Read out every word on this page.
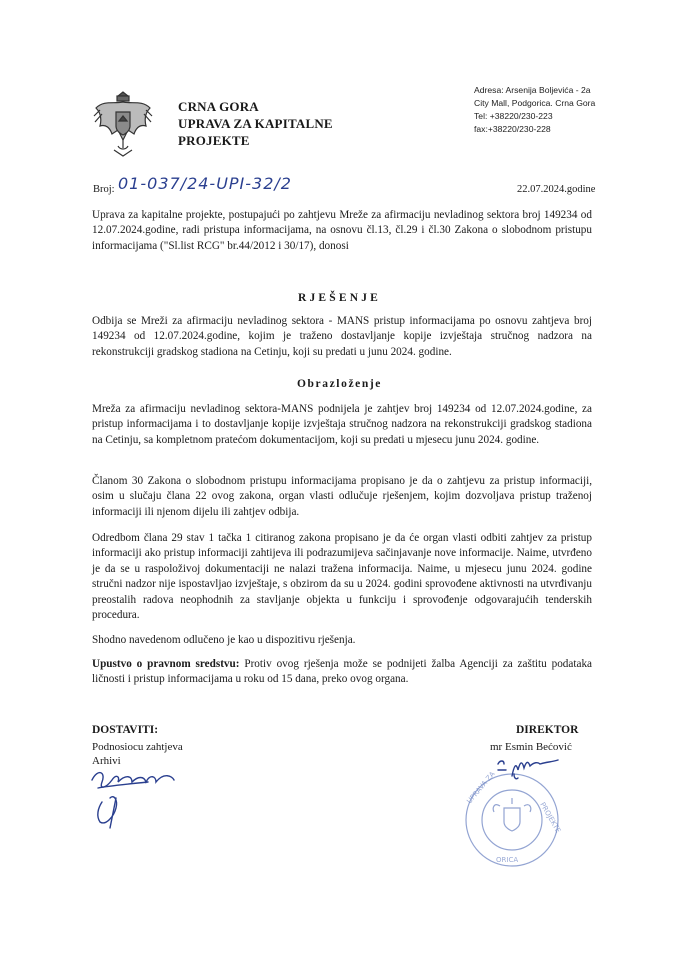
CRNA GORA
UPRAVA ZA KAPITALNE
PROJEKTE
Adresa: Arsenija Boljevića - 2a
City Mall, Podgorica. Crna Gora
Tel: +38220/230-223
fax:+38220/230-228
Broj: 01-037/24-UPI-32/2	22.07.2024.godine

Uprava za kapitalne projekte, postupajući po zahtjevu Mreže za afirmaciju nevladinog sektora broj 149234 od 12.07.2024.godine, radi pristupa informacijama, na osnovu čl.13, čl.29 i čl.30 Zakona o slobodnom pristupu informacijama ("Sl.list RCG" br.44/2012 i 30/17), donosi

RJEŠENJE

Odbija se Mreži za afirmaciju nevladinog sektora - MANS pristup informacijama po osnovu zahtjeva broj 149234 od 12.07.2024.godine, kojim je traženo dostavljanje kopije izvještaja stručnog nadzora na rekonstrukciji gradskog stadiona na Cetinju, koji su predati u junu 2024. godine.

Obrazloženje

Mreža za afirmaciju nevladinog sektora-MANS podnijela je zahtjev broj 149234 od 12.07.2024.godine, za pristup informacijama i to dostavljanje kopije izvještaja stručnog nadzora na rekonstrukciji gradskog stadiona na Cetinju, sa kompletnom pratećom dokumentacijom, koji su predati u mjesecu junu 2024. godine.

Članom 30 Zakona o slobodnom pristupu informacijama propisano je da o zahtjevu za pristup informaciji, osim u slučaju člana 22 ovog zakona, organ vlasti odlučuje rješenjem, kojim dozvoljava pristup traženoj informaciji ili njenom dijelu ili zahtjev odbija.

Odredbom člana 29 stav 1 tačka 1 citiranog zakona propisano je da će organ vlasti odbiti zahtjev za pristup informaciji ako pristup informaciji zahtijeva ili podrazumijeva sačinjavanje nove informacije. Naime, utvrđeno je da se u raspoloživoj dokumentaciji ne nalazi tražena informacija. Naime, u mjesecu junu 2024. godine stručni nadzor nije ispostavljao izvještaje, s obzirom da su u 2024. godini sprovođene aktivnosti na utvrđivanju preostalih radova neophodnih za stavljanje objekta u funkciju i sprovođenje odgovarajućih tenderskih procedura.

Shodno navedenom odlučeno je kao u dispozitivu rješenja.

Upustvo o pravnom sredstvu: Protiv ovog rješenja može se podnijeti žalba Agenciji za zaštitu podataka ličnosti i pristup informacijama u roku od 15 dana, preko ovog organa.

DOSTAVITI:
Podnosiocu zahtjeva
Arhivi
DIREKTOR
mr Esmin Bećović
UPRAVA ZA
PROJEKTE
ORICA
